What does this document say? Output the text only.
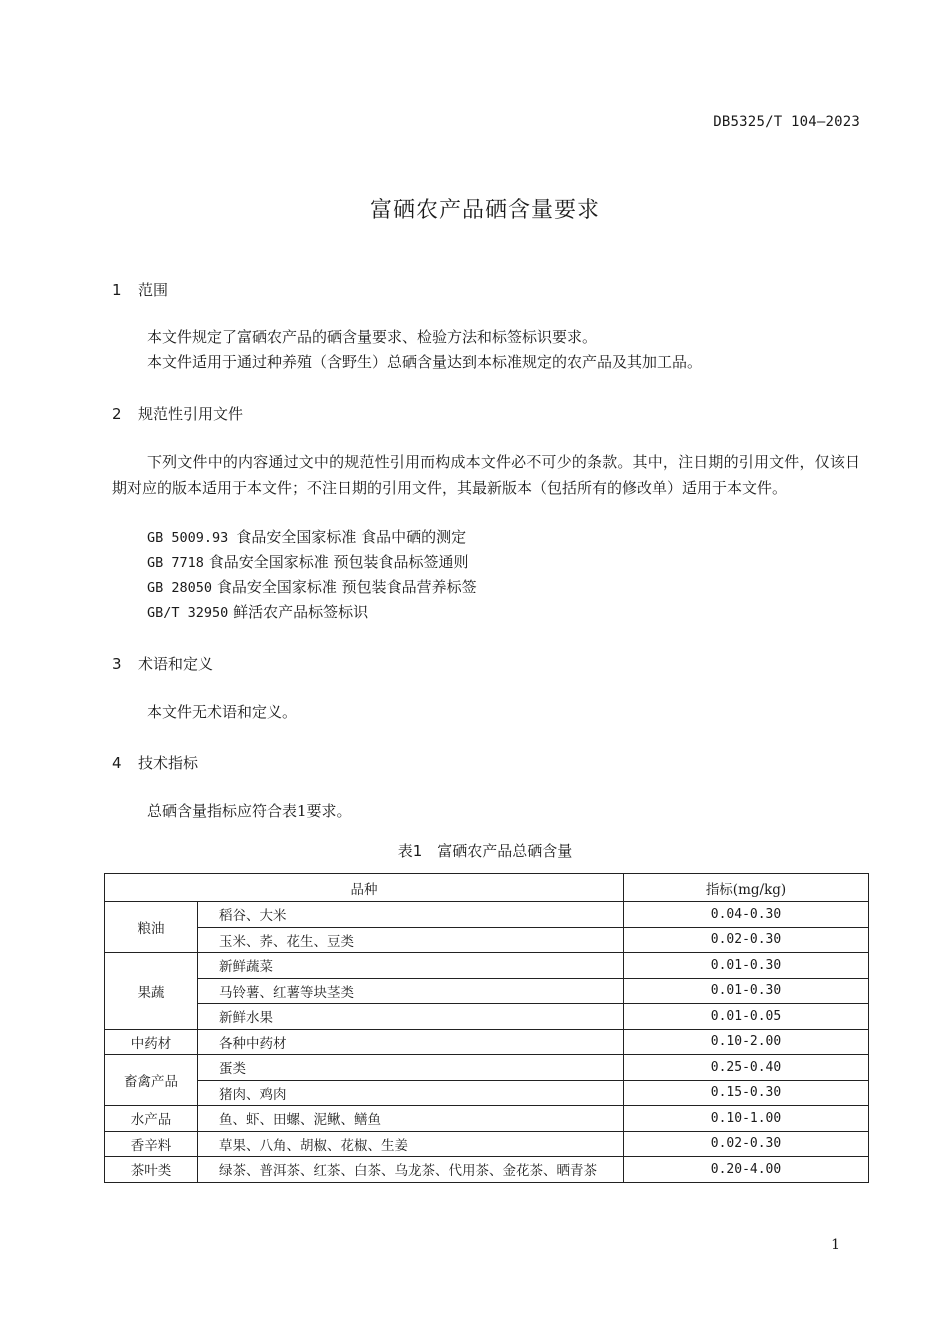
DB5325/T 104—2023
富硒农产品硒含量要求
1 范围
本文件规定了富硒农产品的硒含量要求、检验方法和标签标识要求。
本文件适用于通过种养殖（含野生）总硒含量达到本标准规定的农产品及其加工品。
2 规范性引用文件
下列文件中的内容通过文中的规范性引用而构成本文件必不可少的条款。其中，注日期的引用文件，仅该日期对应的版本适用于本文件；不注日期的引用文件，其最新版本（包括所有的修改单）适用于本文件。
GB 5009.93 食品安全国家标准 食品中硒的测定
GB 7718 食品安全国家标准 预包装食品标签通则
GB 28050 食品安全国家标准 预包装食品营养标签
GB/T 32950 鲜活农产品标签标识
3 术语和定义
本文件无术语和定义。
4 技术指标
总硒含量指标应符合表1要求。
表1　富硒农产品总硒含量
品种		指标(mg/kg)
粮油	稻谷、大米	0.04-0.30
	玉米、荞、花生、豆类	0.02-0.30
果蔬	新鲜蔬菜	0.01-0.30
	马铃薯、红薯等块茎类	0.01-0.30
	新鲜水果	0.01-0.05
中药材	各种中药材	0.10-2.00
畜禽产品	蛋类	0.25-0.40
	猪肉、鸡肉	0.15-0.30
水产品	鱼、虾、田螺、泥鳅、鳝鱼	0.10-1.00
香辛料	草果、八角、胡椒、花椒、生姜	0.02-0.30
茶叶类	绿茶、普洱茶、红茶、白茶、乌龙茶、代用茶、金花茶、晒青茶	0.20-4.00
1
